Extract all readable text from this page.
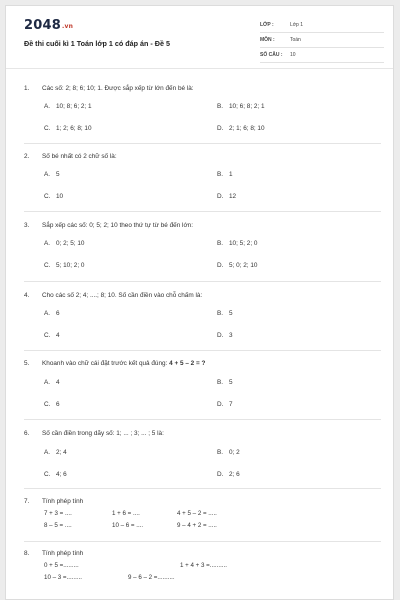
2048.vn
Đề thi cuối kì 1 Toán lớp 1 có đáp án - Đề 5
LỚP :	Lớp 1
MÔN :	Toán
SỐ CÂU : 10
1. Các số: 2; 8; 6; 10; 1. Được sắp xếp từ lớn đến bé là:
A. 10; 8; 6; 2; 1	B. 10; 6; 8; 2; 1
C. 1; 2; 6; 8; 10	D. 2; 1; 6; 8; 10
2. Số bé nhất có 2 chữ số là:
A. 5	B. 1
C. 10	D. 12
3. Sắp xếp các số: 0; 5; 2; 10 theo thứ tự từ bé đến lớn:
A. 0; 2; 5; 10	B. 10; 5; 2; 0
C. 5; 10; 2; 0	D. 5; 0; 2; 10
4. Cho các số 2; 4; ....; 8; 10. Số cần điền vào chỗ chấm là:
A. 6	B. 5
C. 4	D. 3
5. Khoanh vào chữ cái đặt trước kết quả đúng: 4 + 5 – 2 = ?
A. 4	B. 5
C. 6	D. 7
6. Số cần điền trong dãy số: 1; ... ; 3; ... ; 5 là:
A. 2; 4	B. 0; 2
C. 4; 6	D. 2; 6
7. Tính phép tính
7 + 3 = ....	1 + 6 = ....	4 + 5 – 2 = .....
8 – 5 = ....	10 – 6 = ....	9 – 4 + 2 = .....
8. Tính phép tính
0 + 5 =.........	1 + 4 + 3 =..........
10 – 3 =.........	9 – 6 – 2 =..........
